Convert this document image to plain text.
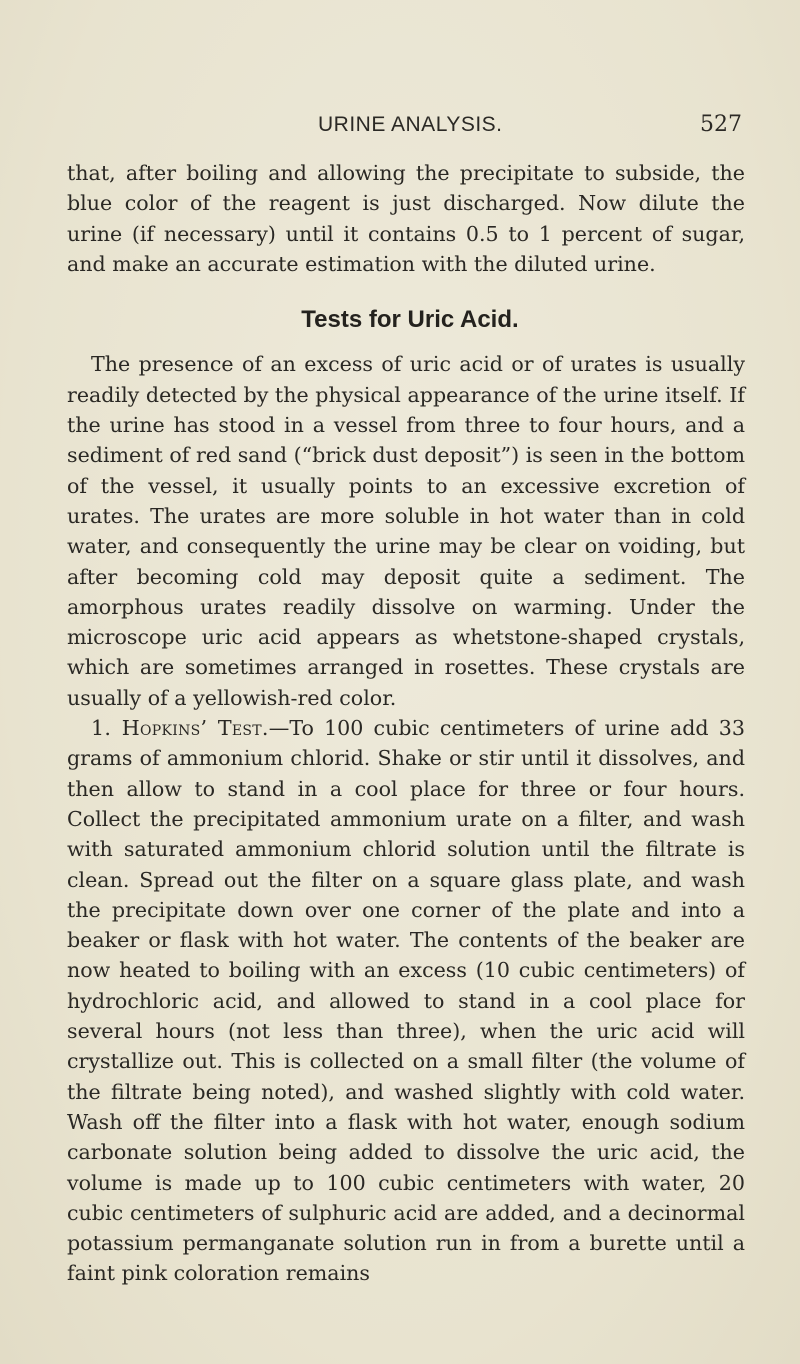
URINE ANALYSIS.	527

that, after boiling and allowing the precipitate to subside, the blue color of the reagent is just discharged. Now dilute the urine (if necessary) until it contains 0.5 to 1 percent of sugar, and make an accurate estimation with the diluted urine.

Tests for Uric Acid.

The presence of an excess of uric acid or of urates is usually readily detected by the physical appearance of the urine itself. If the urine has stood in a vessel from three to four hours, and a sediment of red sand (“brick dust deposit”) is seen in the bottom of the vessel, it usually points to an excessive excretion of urates. The urates are more soluble in hot water than in cold water, and consequently the urine may be clear on voiding, but after becoming cold may deposit quite a sediment. The amorphous urates readily dissolve on warming. Under the microscope uric acid appears as whetstone-shaped crystals, which are sometimes arranged in rosettes. These crystals are usually of a yellowish-red color.

1. Hopkins’ Test.—To 100 cubic centimeters of urine add 33 grams of ammonium chlorid. Shake or stir until it dissolves, and then allow to stand in a cool place for three or four hours. Collect the precipitated ammonium urate on a filter, and wash with saturated ammonium chlorid solution until the filtrate is clean. Spread out the filter on a square glass plate, and wash the precipitate down over one corner of the plate and into a beaker or flask with hot water. The contents of the beaker are now heated to boiling with an excess (10 cubic centimeters) of hydrochloric acid, and allowed to stand in a cool place for several hours (not less than three), when the uric acid will crystallize out. This is collected on a small filter (the volume of the filtrate being noted), and washed slightly with cold water. Wash off the filter into a flask with hot water, enough sodium carbonate solution being added to dissolve the uric acid, the volume is made up to 100 cubic centimeters with water, 20 cubic centimeters of sulphuric acid are added, and a decinormal potassium permanganate solution run in from a burette until a faint pink coloration remains
